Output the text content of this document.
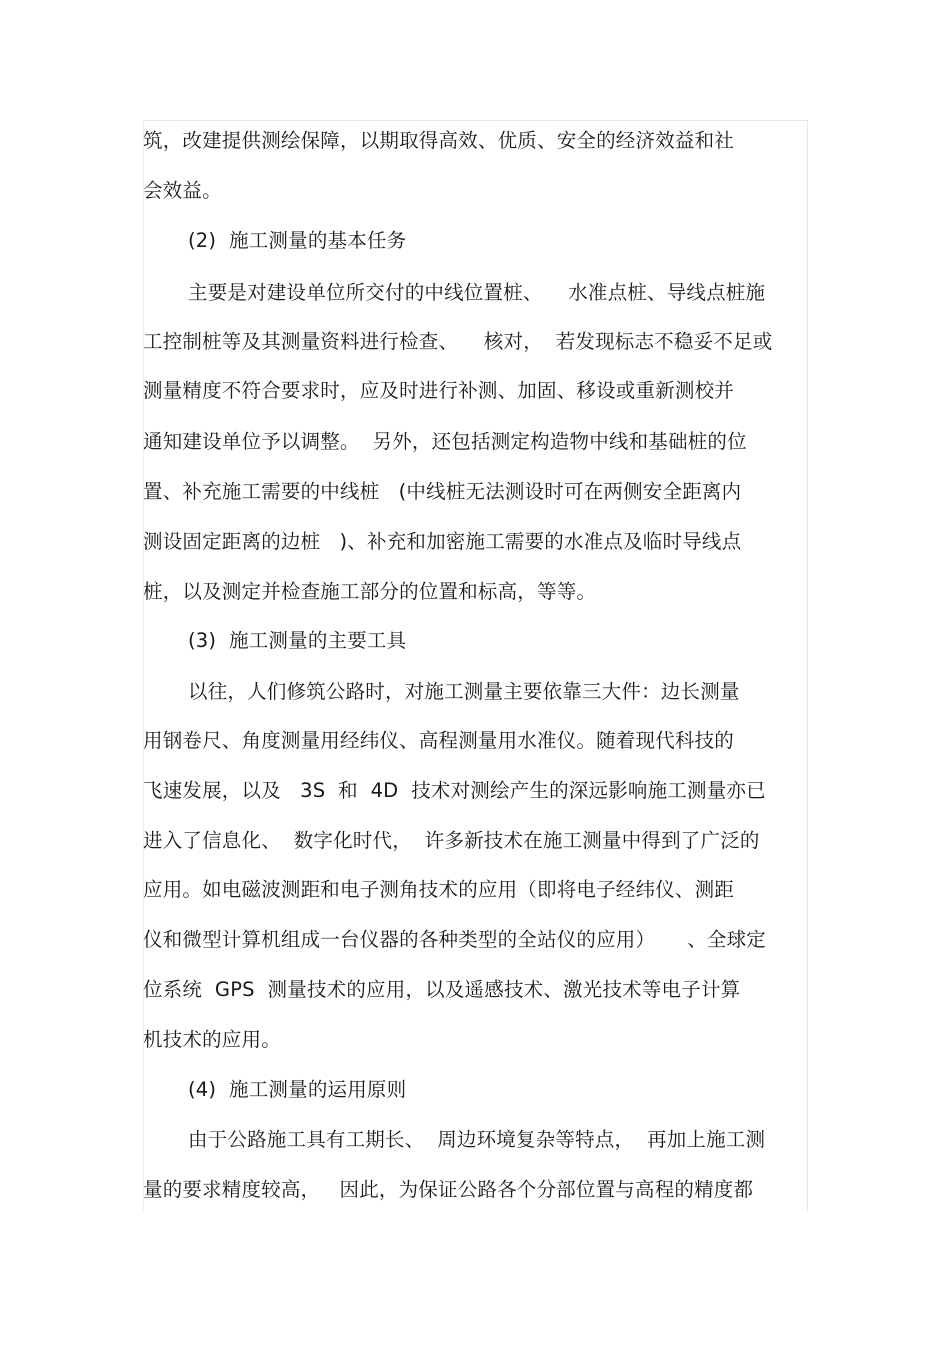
筑，改建提供测绘保障，以期取得高效、优质、安全的经济效益和社
会效益。
(2)  施工测量的基本任务
主要是对建设单位所交付的中线位置桩、    水准点桩、导线点桩施
工控制桩等及其测量资料进行检查、    核对，  若发现标志不稳妥不足或
测量精度不符合要求时，应及时进行补测、加固、移设或重新测校并
通知建设单位予以调整。  另外，还包括测定构造物中线和基础桩的位
置、补充施工需要的中线桩   (中线桩无法测设时可在两侧安全距离内
测设固定距离的边桩   )、补充和加密施工需要的水准点及临时导线点
桩，以及测定并检查施工部分的位置和标高，等等。
(3)  施工测量的主要工具
以往，人们修筑公路时，对施工测量主要依靠三大件：边长测量
用钢卷尺、角度测量用经纬仪、高程测量用水准仪。随着现代科技的
飞速发展，以及   3S  和  4D  技术对测绘产生的深远影响施工测量亦已
进入了信息化、  数字化时代，  许多新技术在施工测量中得到了广泛的
应用。如电磁波测距和电子测角技术的应用（即将电子经纬仪、测距
仪和微型计算机组成一台仪器的各种类型的全站仪的应用）     、全球定
位系统  GPS  测量技术的应用，以及遥感技术、激光技术等电子计算
机技术的应用。
(4)  施工测量的运用原则
由于公路施工具有工期长、  周边环境复杂等特点，  再加上施工测
量的要求精度较高，   因此，为保证公路各个分部位置与高程的精度都
